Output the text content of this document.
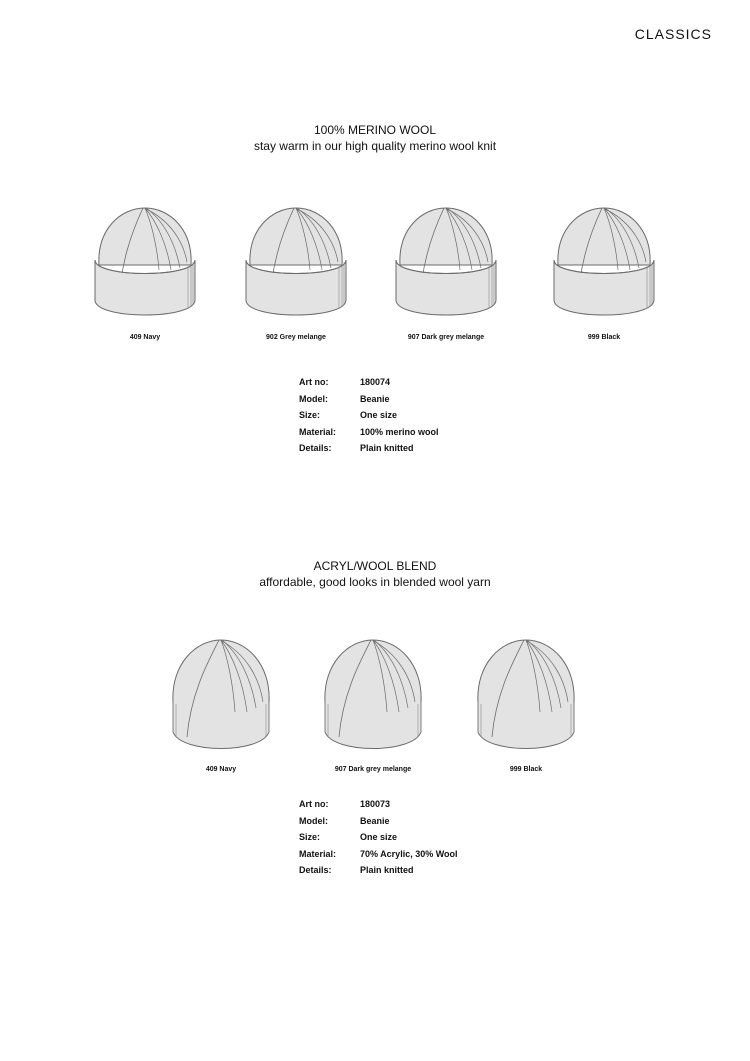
CLASSICS
100% MERINO WOOL
stay warm in our high quality merino wool knit
409 Navy	902 Grey melange	907 Dark grey melange	999 Black
Art no:	180074
Model:	Beanie
Size:	One size
Material:	100% merino wool
Details:	Plain knitted
ACRYL/WOOL BLEND
affordable, good looks in blended wool yarn
409 Navy	907 Dark grey melange	999 Black
Art no:	180073
Model:	Beanie
Size:	One size
Material:	70% Acrylic, 30% Wool
Details:	Plain knitted
